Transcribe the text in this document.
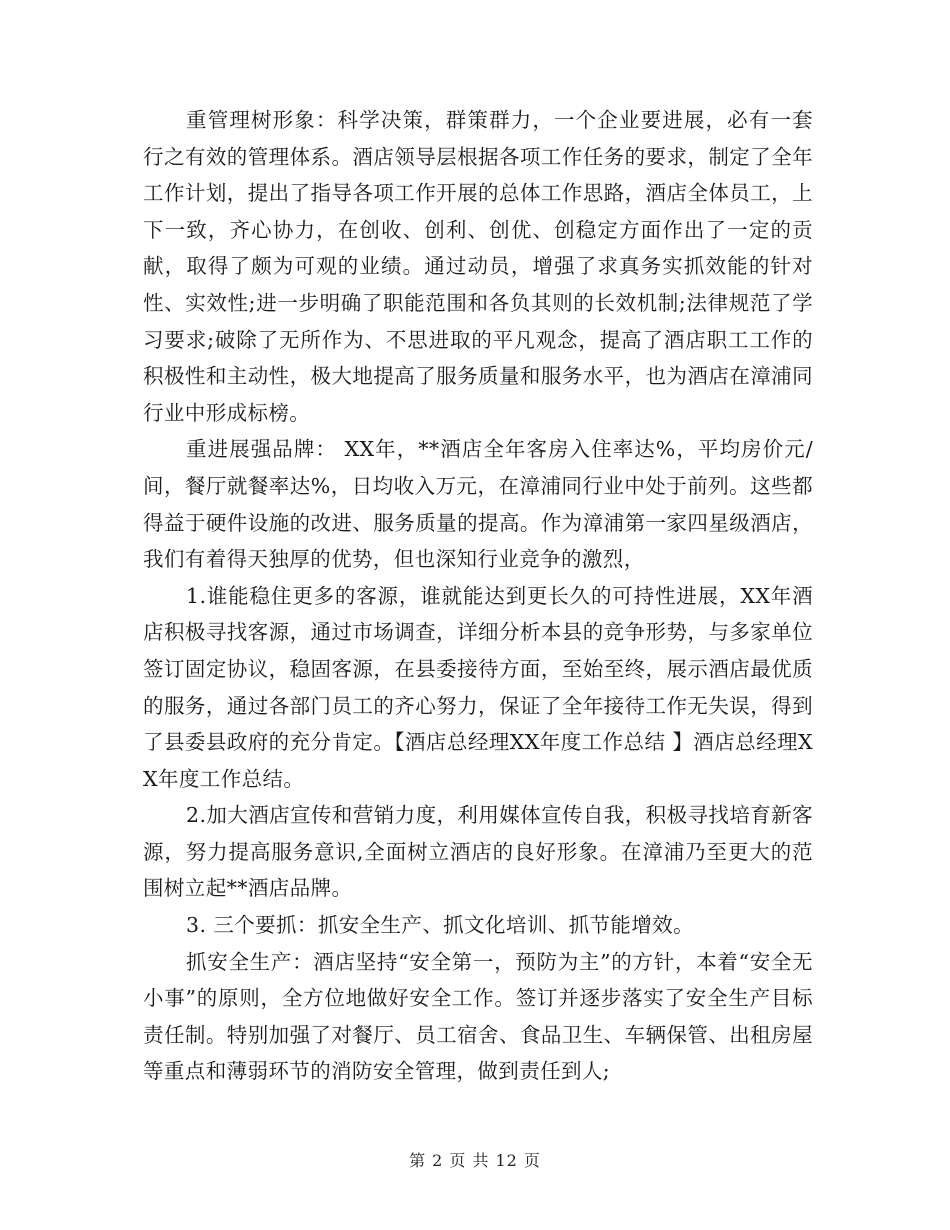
重管理树形象：科学决策，群策群力，一个企业要进展，必有一套行之有效的管理体系。酒店领导层根据各项工作任务的要求，制定了全年工作计划，提出了指导各项工作开展的总体工作思路，酒店全体员工，上下一致，齐心协力，在创收、创利、创优、创稳定方面作出了一定的贡献，取得了颇为可观的业绩。通过动员，增强了求真务实抓效能的针对性、实效性;进一步明确了职能范围和各负其则的长效机制;法律规范了学习要求;破除了无所作为、不思进取的平凡观念，提高了酒店职工工作的积极性和主动性，极大地提高了服务质量和服务水平，也为酒店在漳浦同行业中形成标榜。

重进展强品牌： XX年，**酒店全年客房入住率达%，平均房价元/间，餐厅就餐率达%，日均收入万元，在漳浦同行业中处于前列。这些都得益于硬件设施的改进、服务质量的提高。作为漳浦第一家四星级酒店，我们有着得天独厚的优势，但也深知行业竞争的激烈，

1.谁能稳住更多的客源，谁就能达到更长久的可持性进展，XX年酒店积极寻找客源，通过市场调查，详细分析本县的竞争形势，与多家单位签订固定协议，稳固客源，在县委接待方面，至始至终，展示酒店最优质的服务，通过各部门员工的齐心努力，保证了全年接待工作无失误，得到了县委县政府的充分肯定。【酒店总经理XX年度工作总结 】酒店总经理XX年度工作总结。

2.加大酒店宣传和营销力度，利用媒体宣传自我，积极寻找培育新客源，努力提高服务意识,全面树立酒店的良好形象。在漳浦乃至更大的范围树立起**酒店品牌。

3. 三个要抓：抓安全生产、抓文化培训、抓节能增效。

抓安全生产：酒店坚持“安全第一，预防为主”的方针，本着“安全无小事”的原则，全方位地做好安全工作。签订并逐步落实了安全生产目标责任制。特别加强了对餐厅、员工宿舍、食品卫生、车辆保管、出租房屋等重点和薄弱环节的消防安全管理，做到责任到人;

第 2 页 共 12 页
